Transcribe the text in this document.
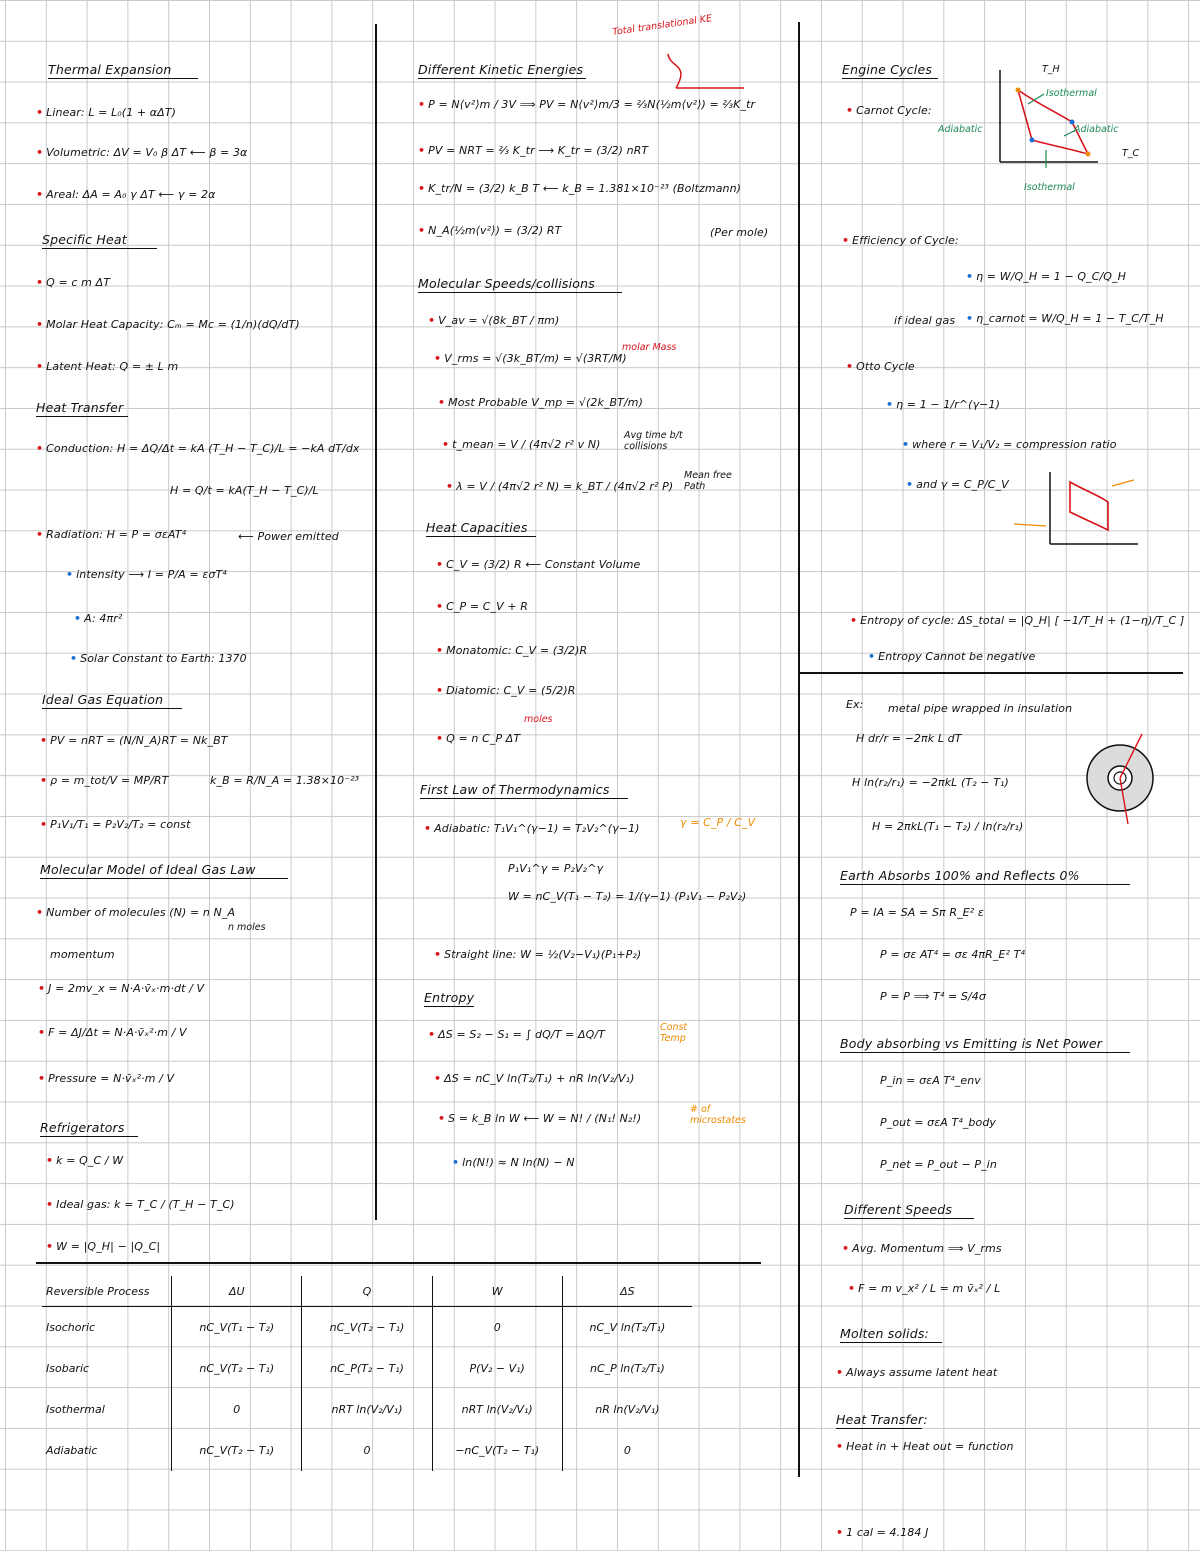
Thermal Expansion
• Linear: L = L₀(1 + αΔT)
• Volumetric: ΔV = V₀ β ΔT ⟵ β = 3α
• Areal: ΔA = A₀ γ ΔT ⟵ γ = 2α
Specific Heat
• Q = c m ΔT
• Molar Heat Capacity: Cₘ = Mc = (1/n)(dQ/dT)
• Latent Heat: Q = ± L m
Heat Transfer
• Conduction: H = ΔQ/Δt = kA (T_H − T_C)/L = −kA dT/dx
H = Q/t = kA(T_H − T_C)/L
• Radiation: H = P = σεAT⁴	⟵ Power emitted
• intensity ⟶ I = P/A = εσT⁴
• A: 4πr²
• Solar Constant to Earth: 1370
Ideal Gas Equation
• PV = nRT = (N/N_A)RT = Nk_BT
k_B = R/N_A = 1.38×10⁻²³
• ρ = m_tot/V = MP/RT
• P₁V₁/T₁ = P₂V₂/T₂ = const
Molecular Model of Ideal Gas Law
• Number of molecules (N) = n N_A
n moles
momentum
• J = 2mv_x = N·A·v̄ₓ·m·dt / V
• F = ΔJ/Δt = N·A·v̄ₓ²·m / V
• Pressure = N·v̄ₓ²·m / V
Refrigerators
• k = Q_C / W
• Ideal gas: k = T_C / (T_H − T_C)
• W = |Q_H| − |Q_C|
Total translational KE
Different Kinetic Energies
• P = N⟨v²⟩m / 3V ⟹ PV = N⟨v²⟩m/3 = ⅔N(½m⟨v²⟩) = ⅔K_tr
• PV = NRT = ⅔ K_tr ⟶ K_tr = (3/2) nRT
• K_tr/N = (3/2) k_B T ⟵ k_B = 1.381×10⁻²³ (Boltzmann)
• N_A(½m⟨v²⟩) = (3/2) RT	(Per mole)
Molecular Speeds/collisions
• V_av = √(8k_BT / πm)
• V_rms = √(3k_BT/m) = √(3RT/M)
molar Mass
• Most Probable V_mp = √(2k_BT/m)
• t_mean = V / (4π√2 r² v N)
Avg time b/t collisions
• λ = V / (4π√2 r² N) = k_BT / (4π√2 r² P)
Mean free Path
Heat Capacities
• C_V = (3/2) R ⟵ Constant Volume
• C_P = C_V + R
• Monatomic: C_V = (3/2)R
• Diatomic: C_V = (5/2)R
moles
• Q = n C_P ΔT
First Law of Thermodynamics
• Adiabatic: T₁V₁^(γ−1) = T₂V₂^(γ−1)	γ = C_P / C_V
P₁V₁^γ = P₂V₂^γ
W = nC_V(T₁ − T₂) = 1/(γ−1) (P₁V₁ − P₂V₂)
• Straight line: W = ½(V₂−V₁)(P₁+P₂)
Entropy
• ΔS = S₂ − S₁ = ∫ dQ/T = ΔQ/T
Const Temp
• ΔS = nC_V ln(T₂/T₁) + nR ln(V₂/V₁)
• S = k_B ln W ⟵ W = N! / (N₁! N₂!)
# of microstates
• ln(N!) ≈ N ln(N) − N
Engine Cycles
• Carnot Cycle:
Isothermal
Adiabatic	Adiabatic
Isothermal
T_H
T_C
• Efficiency of Cycle:
• η = W/Q_H = 1 − Q_C/Q_H
if ideal gas • η_carnot = W/Q_H = 1 − T_C/T_H
• Otto Cycle
• η = 1 − 1/r^(γ−1)
• where r = V₁/V₂ = compression ratio
• and γ = C_P/C_V
• Entropy of cycle: ΔS_total = |Q_H| [ −1/T_H + (1−η)/T_C ]
• Entropy Cannot be negative
Ex: metal pipe wrapped in insulation
H dr/r = −2πk L dT
H ln(r₂/r₁) = −2πkL (T₂ − T₁)
H = 2πkL(T₁ − T₂) / ln(r₂/r₁)
Earth Absorbs 100% and Reflects 0%
P = IA = SA = Sπ R_E² ε
P = σε AT⁴ = σε 4πR_E² T⁴
P = P ⟹ T⁴ = S/4σ
Body absorbing vs Emitting is Net Power
P_in = σεA T⁴_env
P_out = σεA T⁴_body
P_net = P_out − P_in
Different Speeds
• Avg. Momentum ⟹ V_rms
• F = m v_x² / L = m v̄ₓ² / L
Molten solids:
• Always assume latent heat
Heat Transfer:
• Heat in + Heat out = function
• 1 cal = 4.184 J
Reversible Process	ΔU	Q	W	ΔS
Isochoric	nC_V(T₁ − T₂)	nC_V(T₂ − T₁)	0	nC_V ln(T₂/T₁)
Isobaric	nC_V(T₂ − T₁)	nC_P(T₂ − T₁)	P(V₂ − V₁)	nC_P ln(T₂/T₁)
Isothermal	0	nRT ln(V₂/V₁)	nRT ln(V₂/V₁)	nR ln(V₂/V₁)
Adiabatic	nC_V(T₂ − T₁)	0	−nC_V(T₂ − T₁)	0
